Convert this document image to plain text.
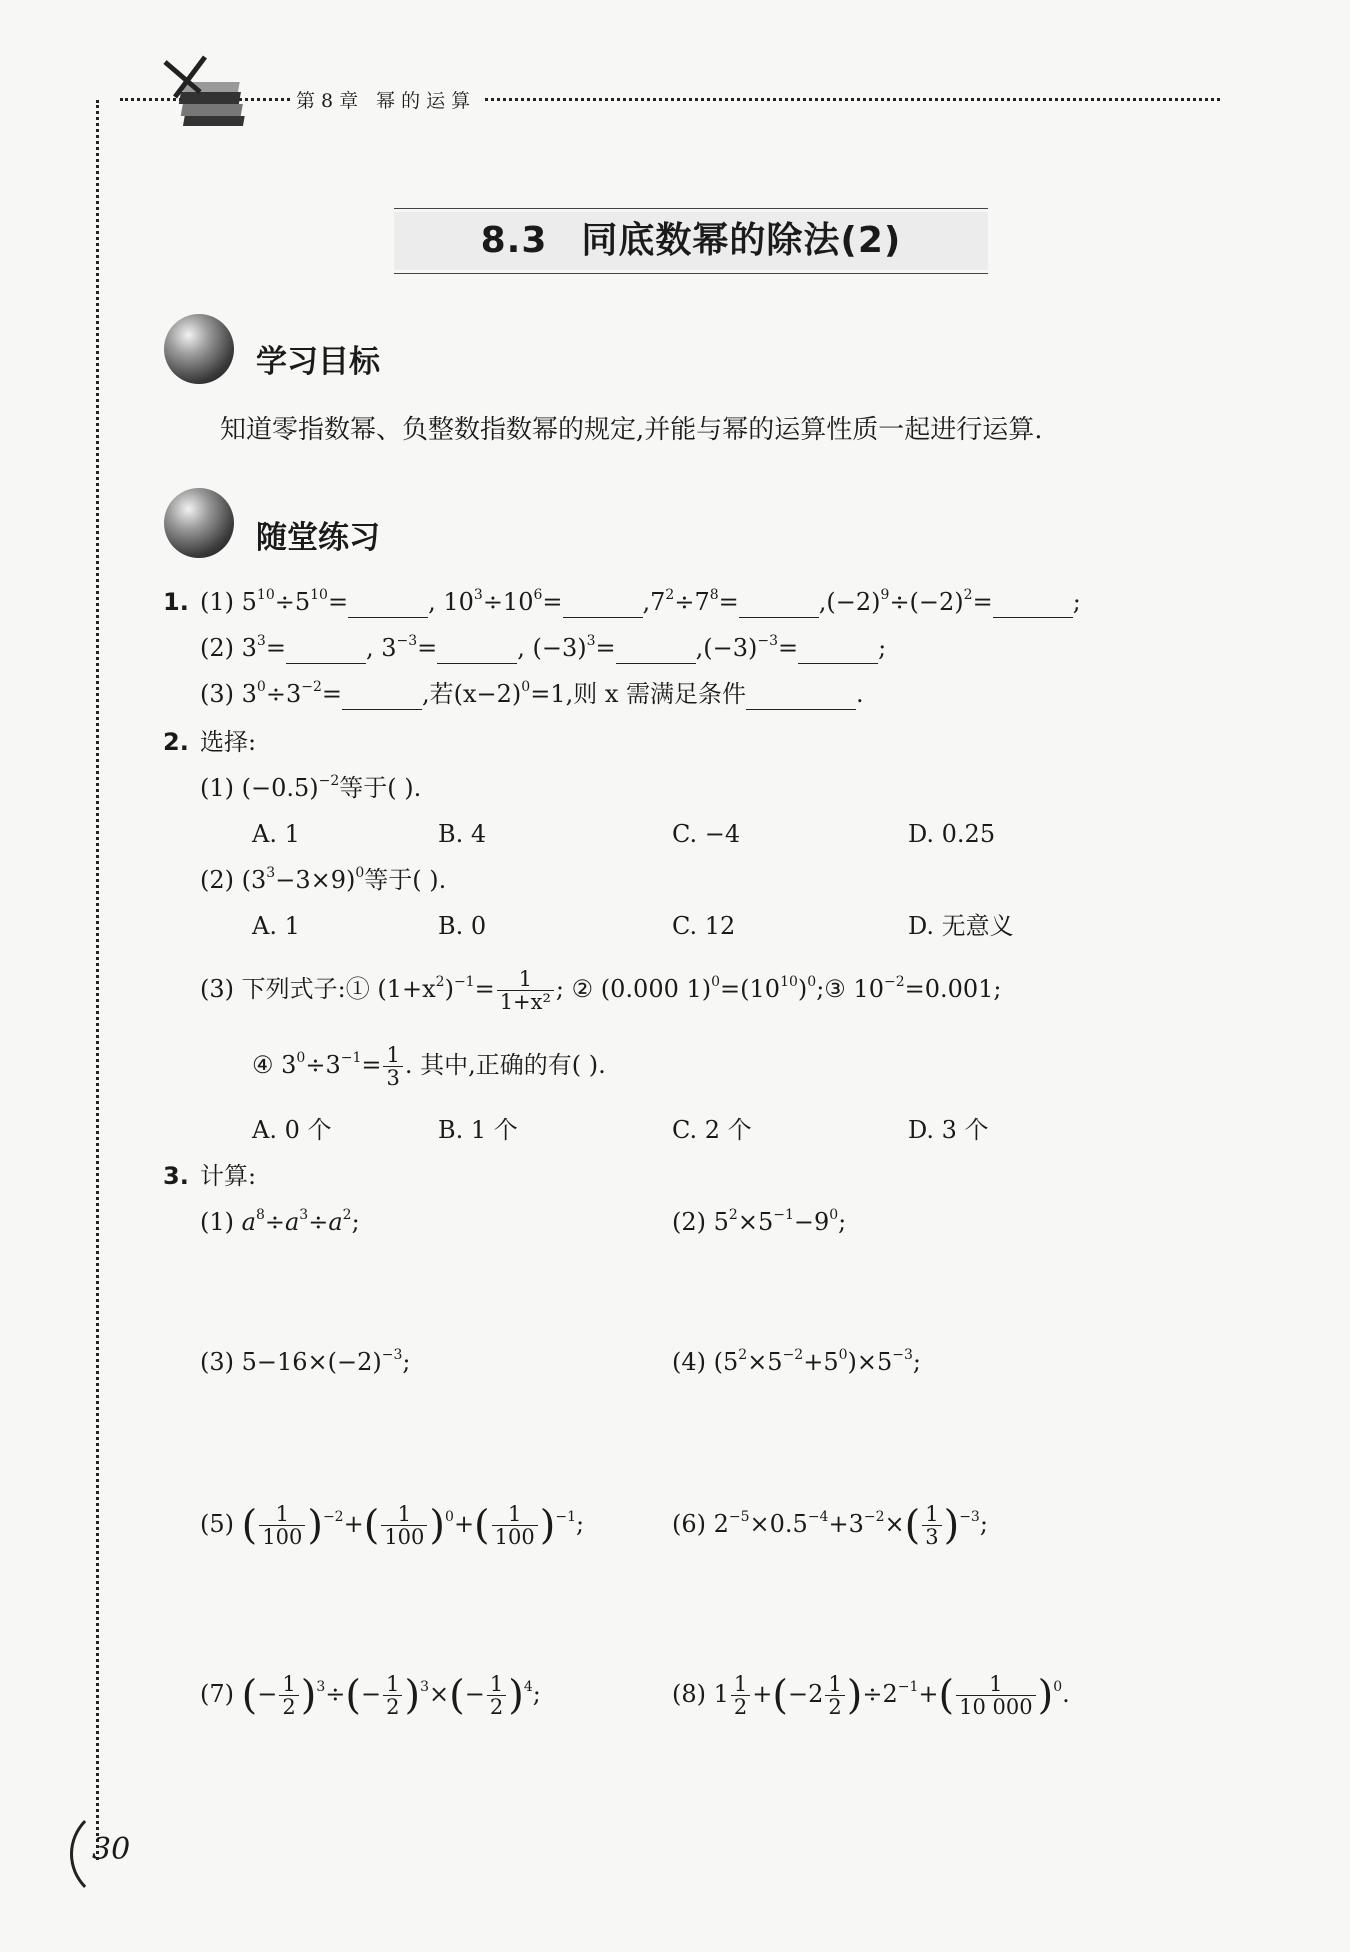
第8章 幂的运算
8.3 同底数幂的除法(2)
学习目标
知道零指数幂、负整数指数幂的规定,并能与幂的运算性质一起进行运算.
随堂练习
1. (1) $5^{10}\div 5^{10}=$	, $10^3\div 10^6=$	$,7^2\div 7^8=$	$,(-2)^9\div(-2)^2=$	;
(2) $3^3=$	, $3^{-3}=$	, $(-3)^3=$	$,(-3)^{-3}=$	;
(3) $3^0\div 3^{-2}=$	,若$(x-2)^0=1$,则 x 需满足条件	.
2. 选择:
(1) $(-0.5)^{-2}$等于( ).
A. 1	B. 4	C. −4	D. 0.25
(2) $(3^3-3\times 9)^0$等于( ).
A. 1	B. 0	C. 12	D. 无意义
(3) 下列式子:① $(1+x^2)^{-1}= \frac{1}{\text{1+x²}}$ ; ② (0.000 $1)^0=(10^{10})^0;③$ $10^{-2}=0.001$;
④ $3^0\div 3^{-1}= \frac{1}{3}$ . 其中,正确的有( ).
A. 0 个	B. 1 个	C. 2 个	D. 3 个
3. 计算:
(1) $a^8\div a^3\div a^2$;	(2) $5^2\times 5^{-1}-9^0$;
(3) $5-16\times(-2)^{-3}$;	(4) $(5^2\times 5^{-2}+5^0)\times 5^{-3}$;
(5) ( $\frac{1}{100} )^{-2}+( \frac{1}{100} )^0+( \frac{1}{100} )^{-1}$;	(6) $2^{-5}\times 0.5^{-4}+3^{-2}\times( \frac{1}{3} )^{-3}$;
(7) (− $\frac{1}{2} )^3\div(- \frac{1}{2} )^3\times(- \frac{1}{2} )^4$;	(8) $1 \frac{1}{2} +(-2 \frac{1}{2} )\div 2^{-1}+( \frac{1}{10 000} )^0$.
30
